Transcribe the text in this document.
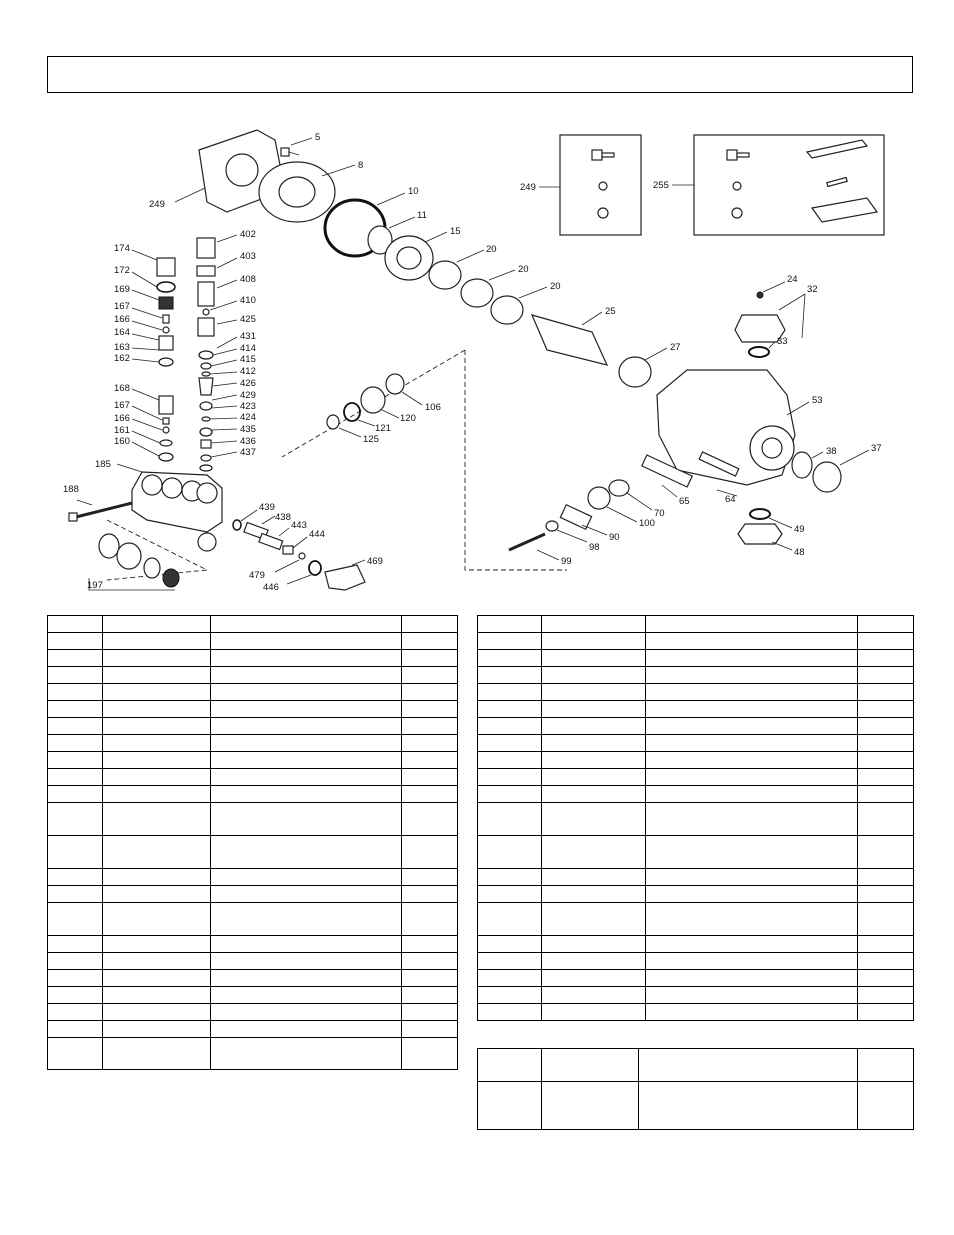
249	255
249
5
8
10
11
15
20
20
20
25
27
24
32
33
53
38	37
49
48
64
65
70
100
90
98
99
106
120
121
125
174
172
169
167
166
164
163
162
168
167
166
161
160
402
403
408
410
425
431
414
415
412
426
429
423
424
435
436
437
185
188
197
439
438
443
444
479
446
469
